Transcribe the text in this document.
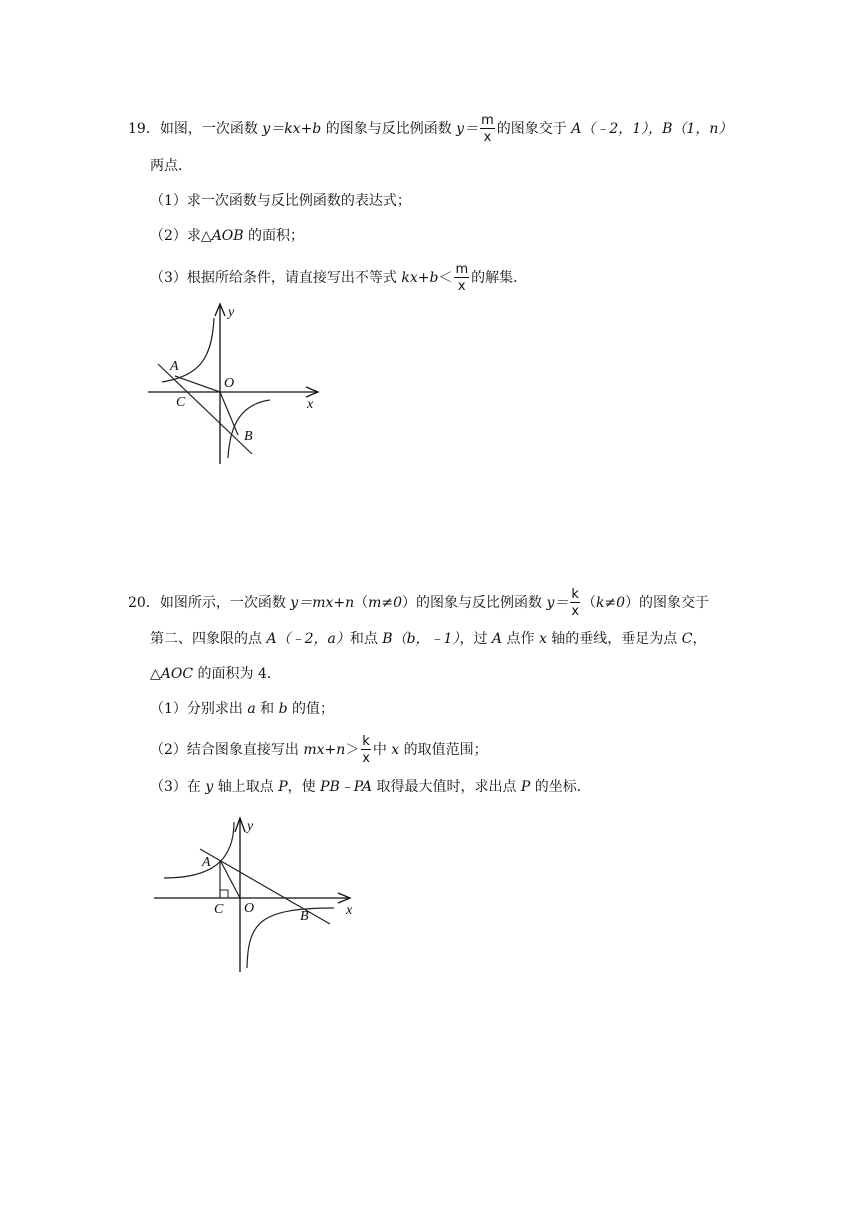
19．如图，一次函数 y＝kx+b 的图象与反比例函数 $y= \frac{m}{x}$ 的图象交于 A（﹣2，1），B（1，n）
两点．
（1）求一次函数与反比例函数的表达式；
（2）求△AOB 的面积；
（3）根据所给条件，请直接写出不等式 $kx+b< \frac{m}{x}$ 的解集．
y
x
O
A
B
C
20．如图所示，一次函数 y＝mx+n（m≠0）的图象与反比例函数 $y= \frac{k}{x} (k\ne 0)$的图象交于
第二、四象限的点 A（﹣2，a）和点 B（b，﹣1），过 A 点作 x 轴的垂线，垂足为点 C，
△AOC 的面积为 4．
（1）分别求出 a 和 b 的值；
（2）结合图象直接写出 $mx+n> \frac{k}{x}$ 中 x 的取值范围；
（3）在 y 轴上取点 P，使 PB﹣PA 取得最大值时，求出点 P 的坐标．
y
x
O
A
B
C
